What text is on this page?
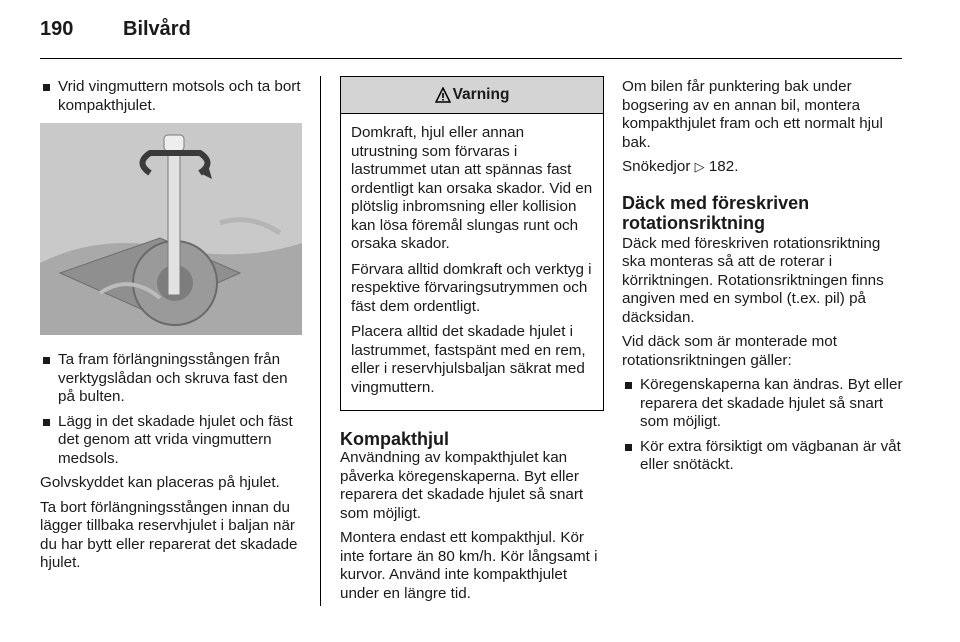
190 Bilvård
Vrid vingmuttern motsols och ta bort kompakthjulet.
Ta fram förlängningsstången från verktygslådan och skruva fast den på bulten.
Lägg in det skadade hjulet och fäst det genom att vrida vingmuttern medsols.

Golvskyddet kan placeras på hjulet.

Ta bort förlängningsstången innan du lägger tillbaka reservhjulet i baljan när du har bytt eller reparerat det skadade hjulet.

Varning

Domkraft, hjul eller annan utrustning som förvaras i lastrummet utan att spännas fast ordentligt kan orsaka skador. Vid en plötslig inbromsning eller kollision kan lösa föremål slungas runt och orsaka skador.

Förvara alltid domkraft och verktyg i respektive förvaringsutrymmen och fäst dem ordentligt.

Placera alltid det skadade hjulet i lastrummet, fastspänt med en rem, eller i reservhjulsbaljan säkrat med vingmuttern.

Kompakthjul

Användning av kompakthjulet kan påverka köregenskaperna. Byt eller reparera det skadade hjulet så snart som möjligt.

Montera endast ett kompakthjul. Kör inte fortare än 80 km/h. Kör långsamt i kurvor. Använd inte kompakthjulet under en längre tid.

Om bilen får punktering bak under bogsering av en annan bil, montera kompakthjulet fram och ett normalt hjul bak.

Snökedjor ▷ 182.

Däck med föreskriven rotationsriktning

Däck med föreskriven rotationsriktning ska monteras så att de roterar i körriktningen. Rotationsriktningen finns angiven med en symbol (t.ex. pil) på däcksidan.

Vid däck som är monterade mot rotationsriktningen gäller:

Köregenskaperna kan ändras. Byt eller reparera det skadade hjulet så snart som möjligt.
Kör extra försiktigt om vägbanan är våt eller snötäckt.
